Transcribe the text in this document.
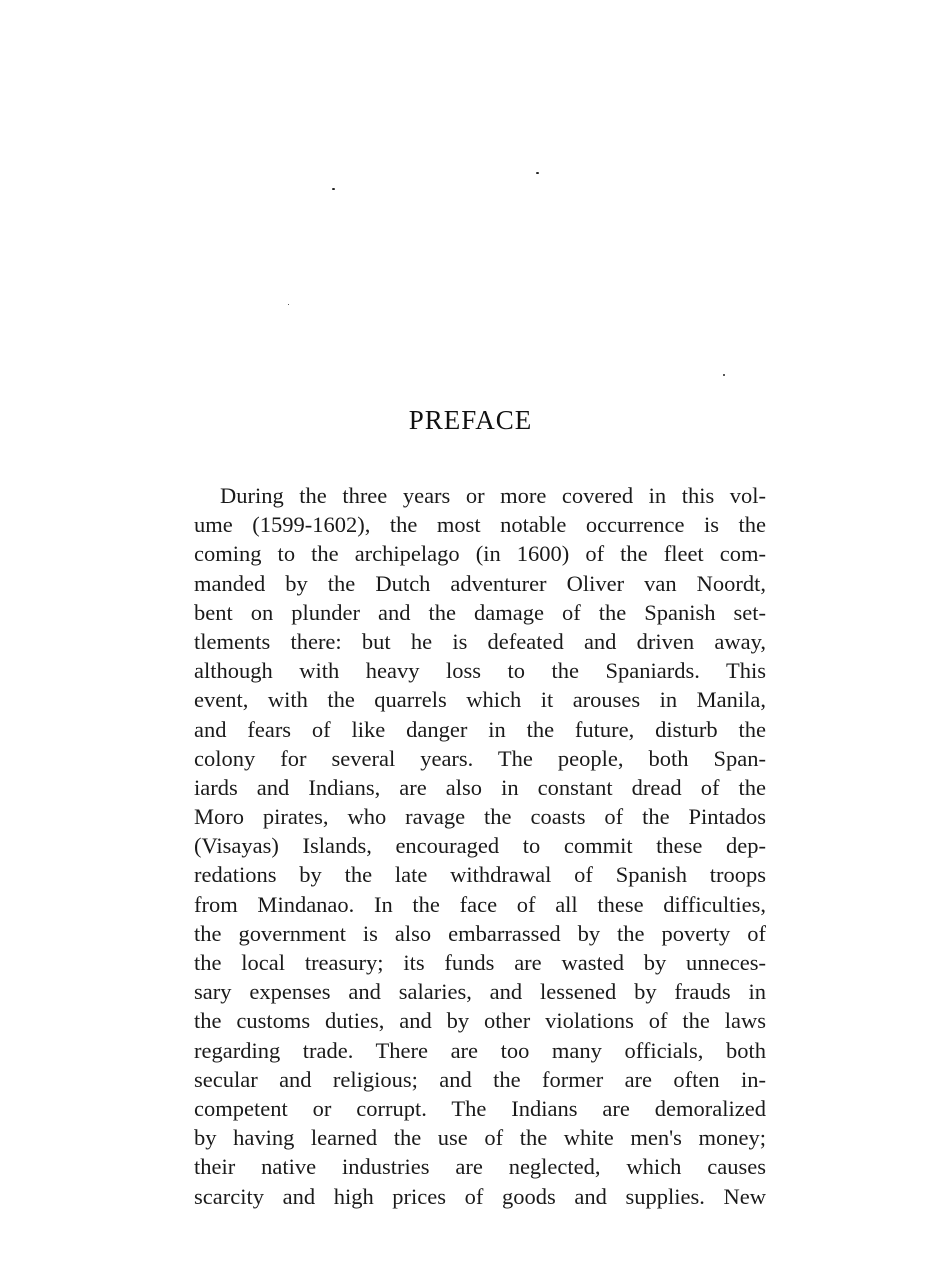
PREFACE
During the three years or more covered in this vol-
ume (1599-1602), the most notable occurrence is the
coming to the archipelago (in 1600) of the fleet com-
manded by the Dutch adventurer Oliver van Noordt,
bent on plunder and the damage of the Spanish set-
tlements there: but he is defeated and driven away,
although with heavy loss to the Spaniards. This
event, with the quarrels which it arouses in Manila,
and fears of like danger in the future, disturb the
colony for several years. The people, both Span-
iards and Indians, are also in constant dread of the
Moro pirates, who ravage the coasts of the Pintados
(Visayas) Islands, encouraged to commit these dep-
redations by the late withdrawal of Spanish troops
from Mindanao. In the face of all these difficulties,
the government is also embarrassed by the poverty of
the local treasury; its funds are wasted by unneces-
sary expenses and salaries, and lessened by frauds in
the customs duties, and by other violations of the laws
regarding trade. There are too many officials, both
secular and religious; and the former are often in-
competent or corrupt. The Indians are demoralized
by having learned the use of the white men's money;
their native industries are neglected, which causes
scarcity and high prices of goods and supplies. New
